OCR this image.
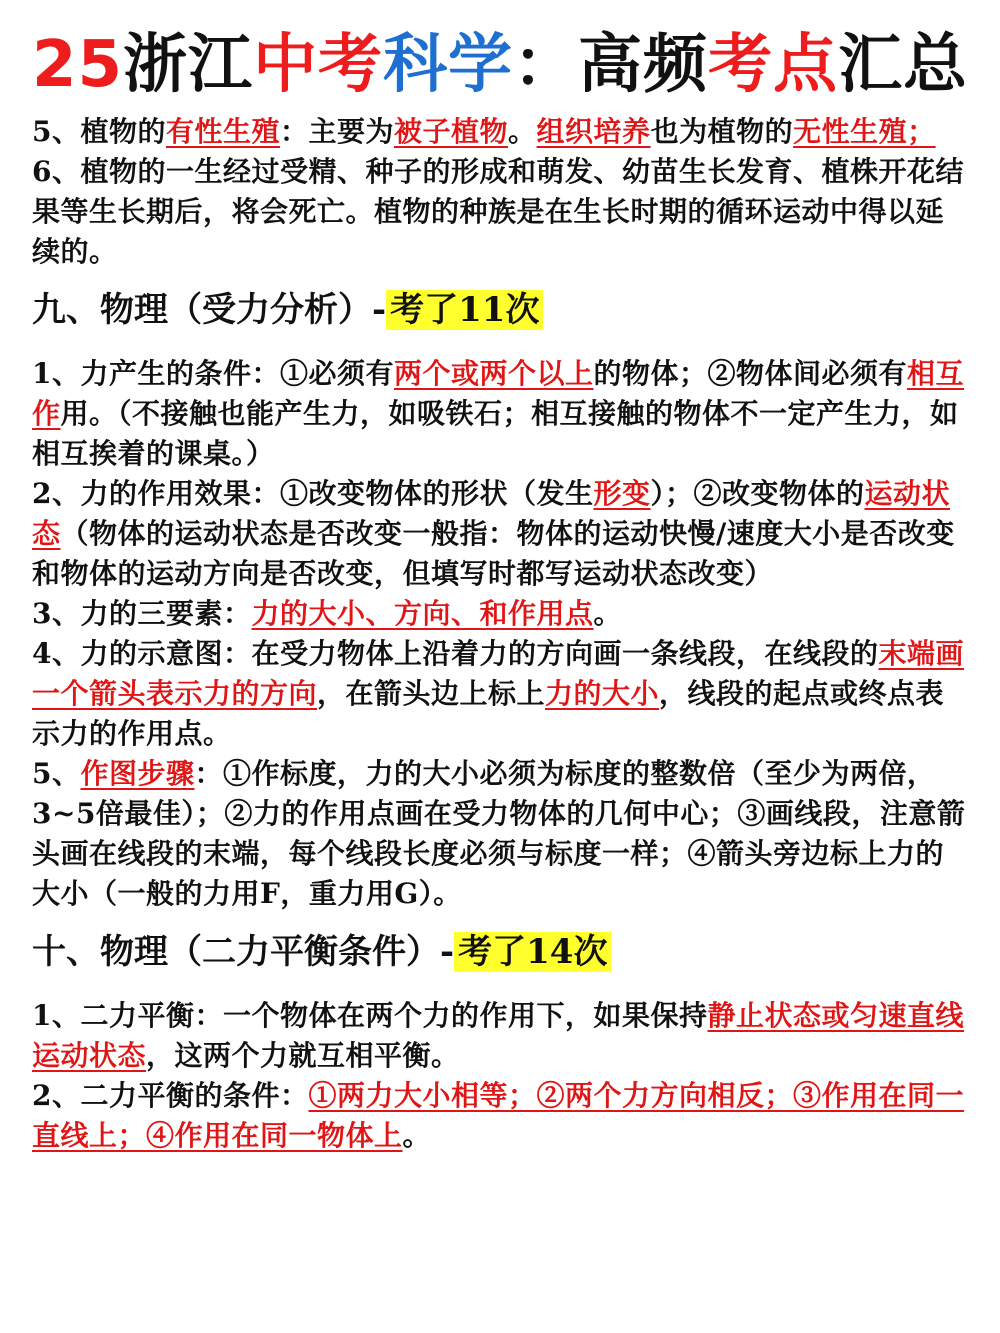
25浙江中考科学：高频考点汇总

5、植物的有性生殖：主要为被子植物。组织培养也为植物的无性生殖；

6、植物的一生经过受精、种子的形成和萌发、幼苗生长发育、植株开花结果等生长期后，将会死亡。植物的种族是在生长时期的循环运动中得以延续的。

九、物理（受力分析）- 考了11次

1、力产生的条件：①必须有两个或两个以上的物体；②物体间必须有相互作用。（不接触也能产生力，如吸铁石；相互接触的物体不一定产生力，如相互挨着的课桌。）

2、力的作用效果：①改变物体的形状（发生形变）；②改变物体的运动状态（物体的运动状态是否改变一般指：物体的运动快慢/速度大小是否改变和物体的运动方向是否改变，但填写时都写运动状态改变）

3、力的三要素：力的大小、方向、和作用点。

4、力的示意图：在受力物体上沿着力的方向画一条线段，在线段的末端画一个箭头表示力的方向，在箭头边上标上力的大小，线段的起点或终点表示力的作用点。

5、作图步骤：①作标度，力的大小必须为标度的整数倍（至少为两倍，3~5倍最佳）；②力的作用点画在受力物体的几何中心；③画线段，注意箭头画在线段的末端，每个线段长度必须与标度一样；④箭头旁边标上力的大小（一般的力用F，重力用G）。

十、物理（二力平衡条件）- 考了14次

1、二力平衡：一个物体在两个力的作用下，如果保持静止状态或匀速直线运动状态，这两个力就互相平衡。

2、二力平衡的条件：①两力大小相等；②两个力方向相反；③作用在同一直线上；④作用在同一物体上。
